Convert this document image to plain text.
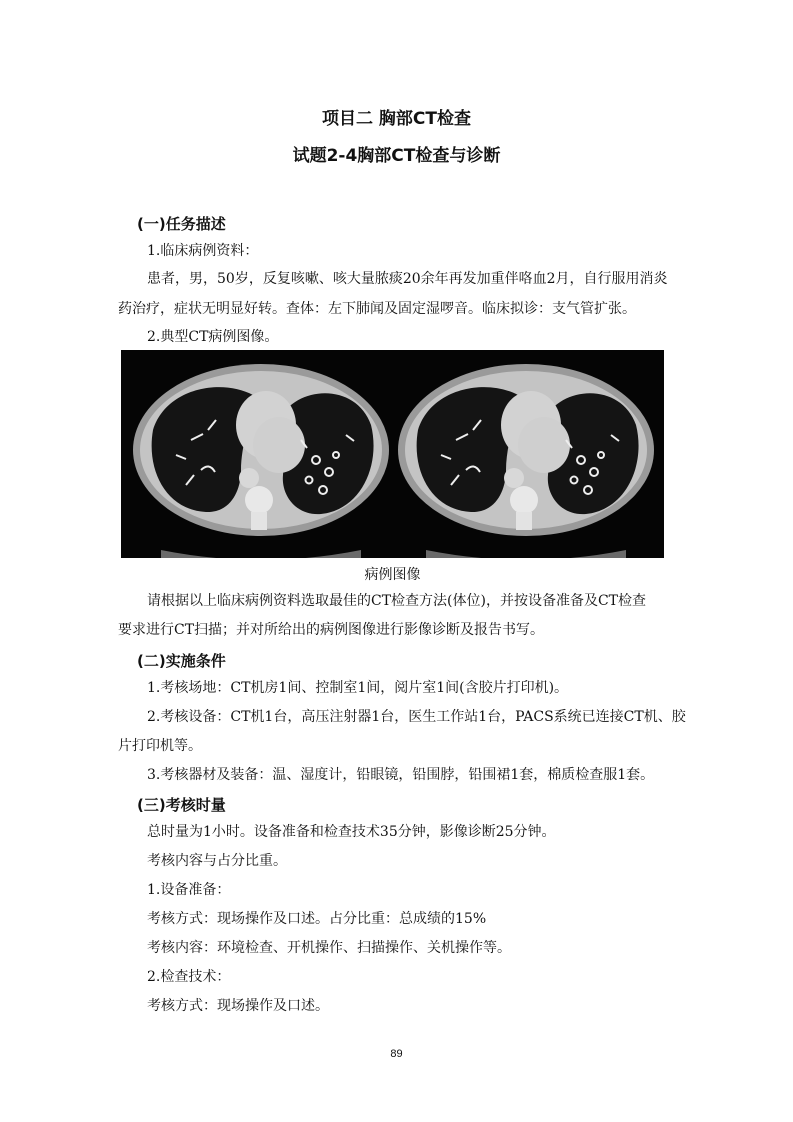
项目二 胸部CT检查
试题2-4胸部CT检查与诊断
(一)任务描述
1.临床病例资料：
患者，男，50岁，反复咳嗽、咳大量脓痰20余年再发加重伴咯血2月，自行服用消炎
药治疗，症状无明显好转。查体：左下肺闻及固定湿啰音。临床拟诊：支气管扩张。
2.典型CT病例图像。
病例图像
请根据以上临床病例资料选取最佳的CT检查方法(体位)，并按设备准备及CT检查
要求进行CT扫描；并对所给出的病例图像进行影像诊断及报告书写。
(二)实施条件
1.考核场地：CT机房1间、控制室1间，阅片室1间(含胶片打印机)。
2.考核设备：CT机1台，高压注射器1台，医生工作站1台，PACS系统已连接CT机、胶
片打印机等。
3.考核器材及装备：温、湿度计，铅眼镜，铅围脖，铅围裙1套，棉质检查服1套。
(三)考核时量
总时量为1小时。设备准备和检查技术35分钟，影像诊断25分钟。
考核内容与占分比重。
1.设备准备：
考核方式：现场操作及口述。占分比重：总成绩的15%
考核内容：环境检查、开机操作、扫描操作、关机操作等。
2.检查技术：
考核方式：现场操作及口述。
89
